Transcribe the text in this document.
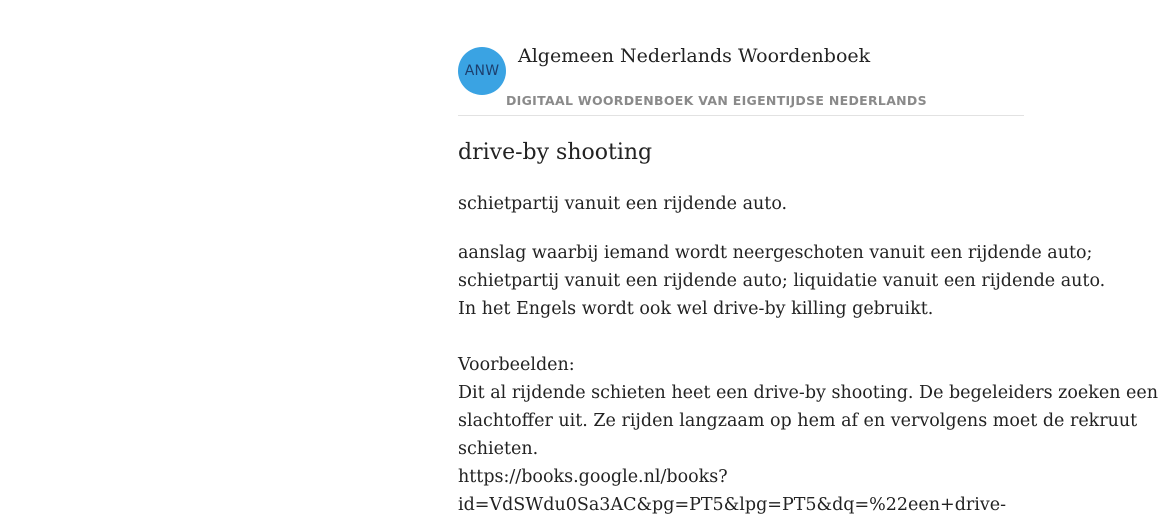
ANW
Algemeen Nederlands Woordenboek
DIGITAAL WOORDENBOEK VAN EIGENTIJDSE NEDERLANDS
drive-by shooting
schietpartij vanuit een rijdende auto.
aanslag waarbij iemand wordt neergeschoten vanuit een rijdende auto;
schietpartij vanuit een rijdende auto; liquidatie vanuit een rijdende auto.
In het Engels wordt ook wel drive-by killing gebruikt.
Voorbeelden:
Dit al rijdende schieten heet een drive-by shooting. De begeleiders zoeken een
slachtoffer uit. Ze rijden langzaam op hem af en vervolgens moet de rekruut
schieten.
https://books.google.nl/books?
id=VdSWdu0Sa3AC&pg=PT5&lpg=PT5&dq=%22een+drive-
